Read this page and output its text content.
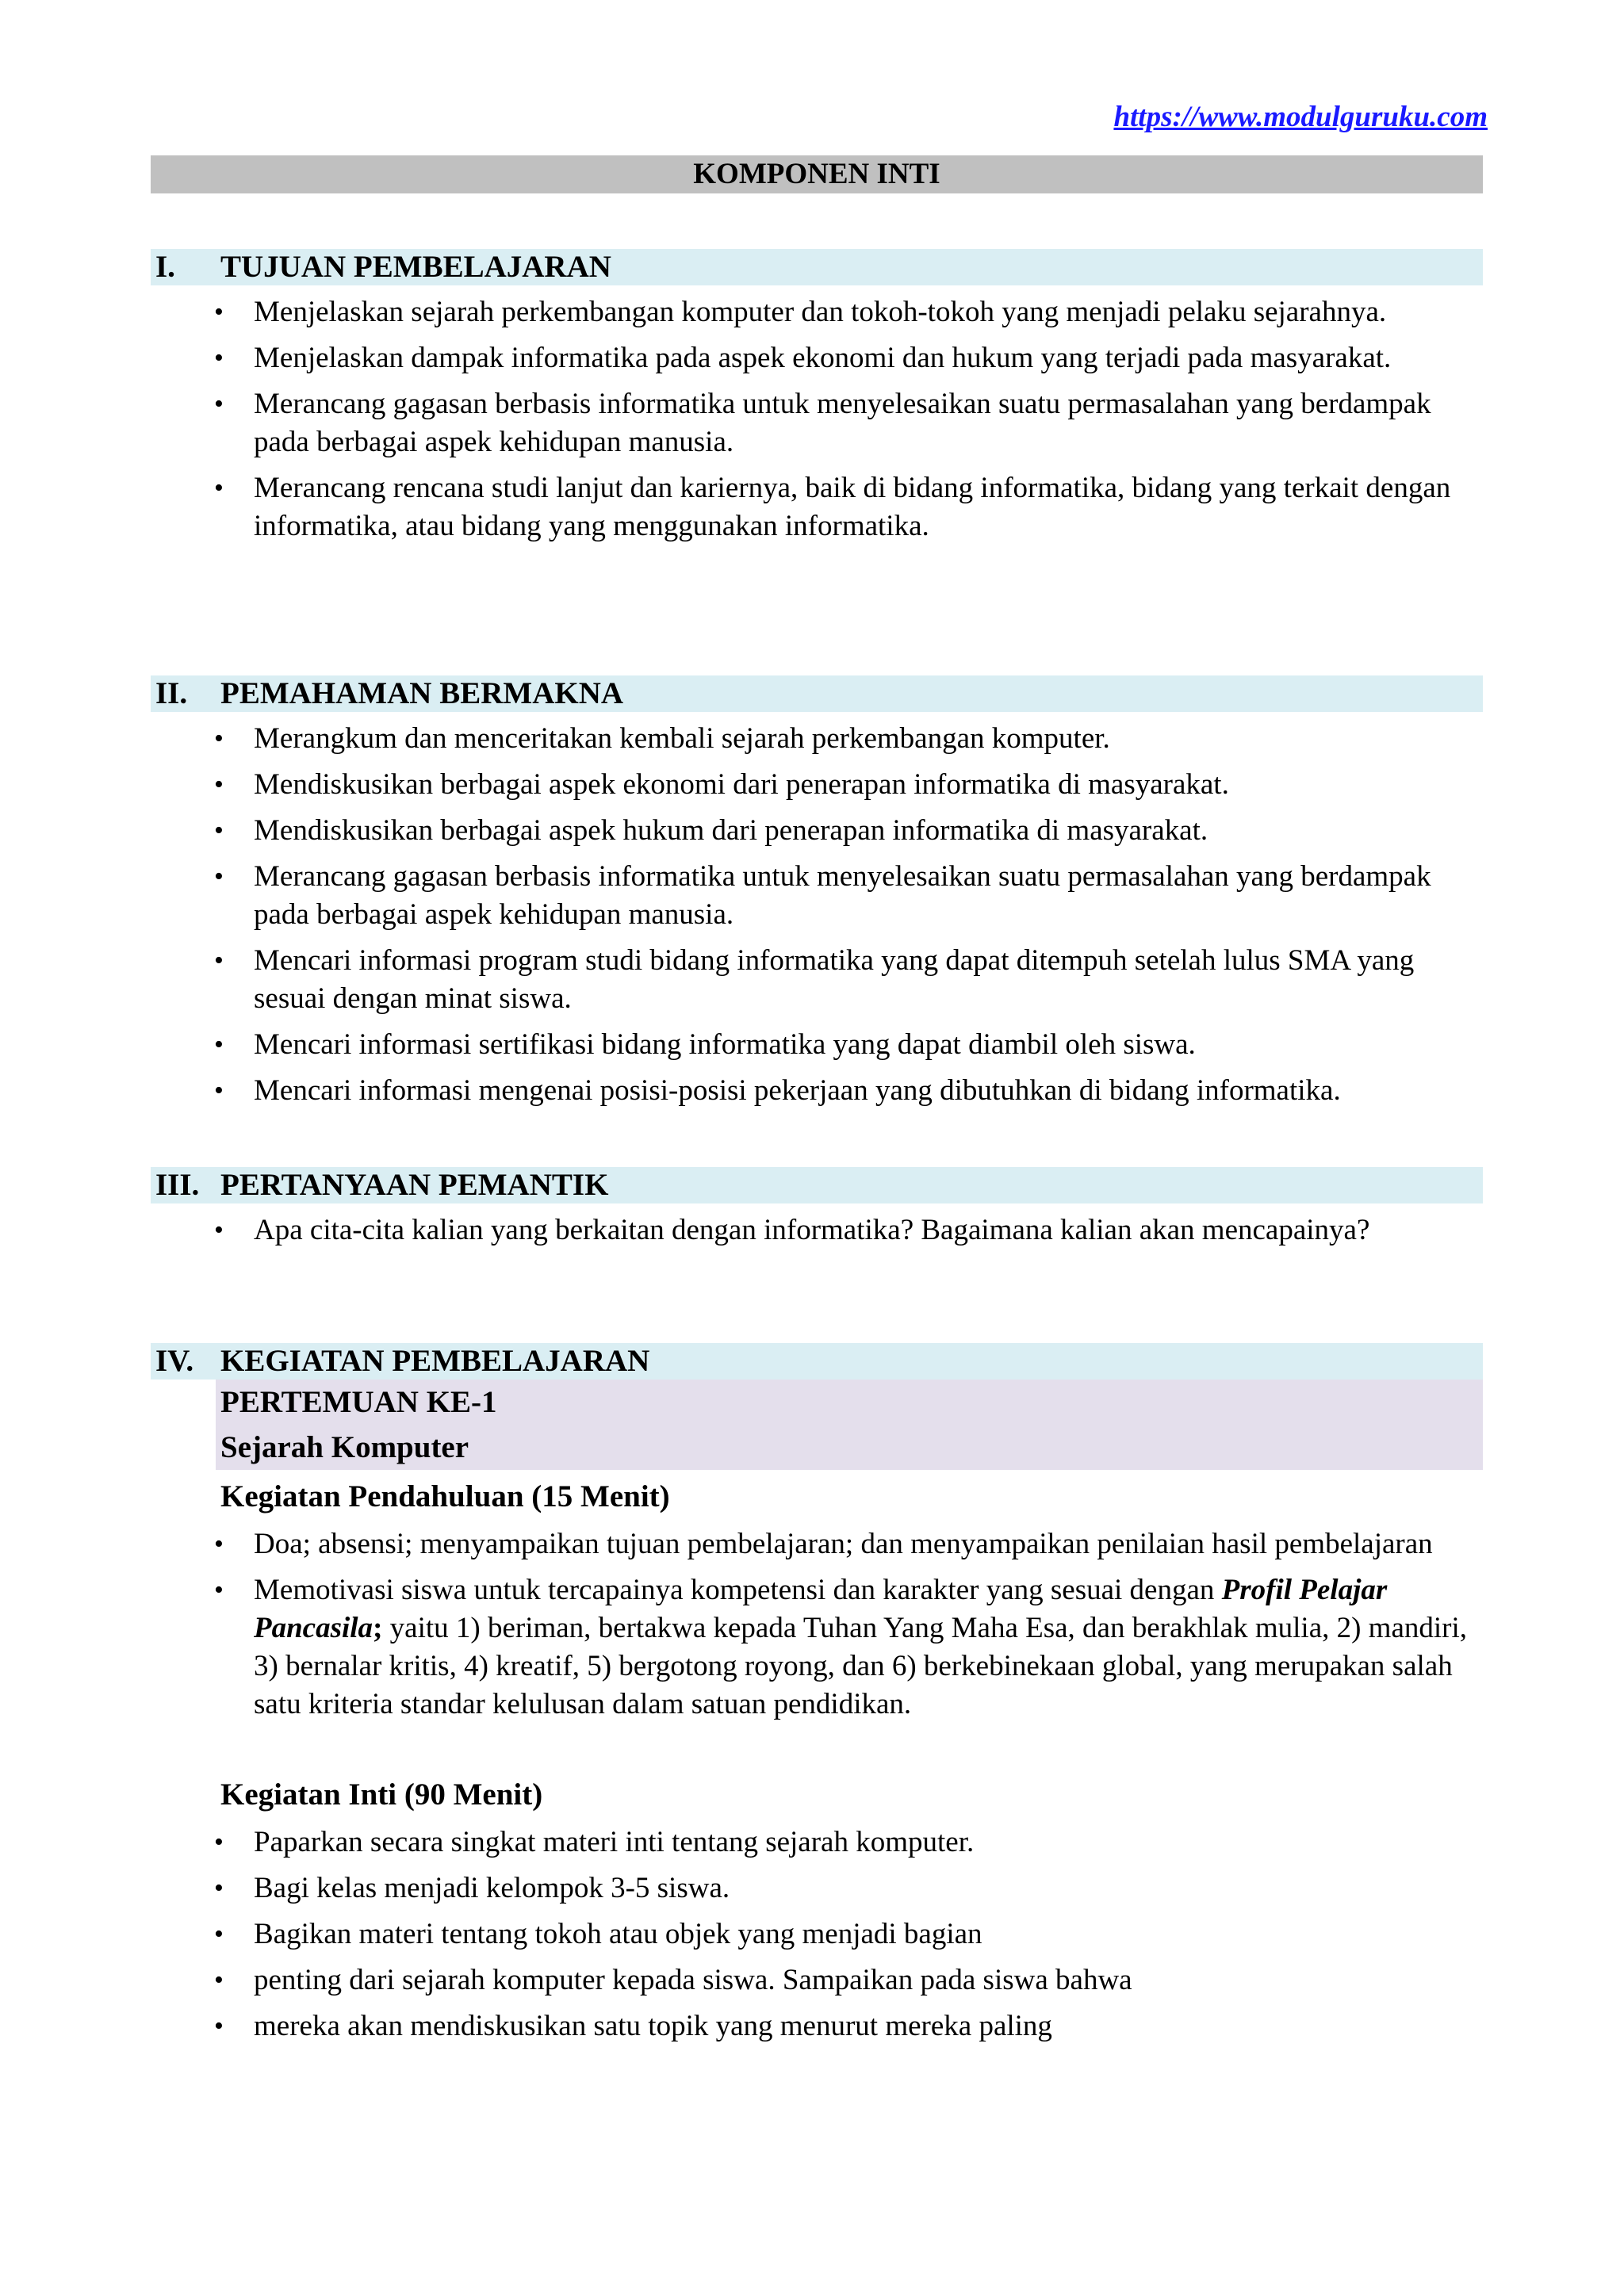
https://www.modulguruku.com
KOMPONEN INTI
I.	TUJUAN PEMBELAJARAN
• Menjelaskan sejarah perkembangan komputer dan tokoh-tokoh yang menjadi pelaku sejarahnya.
• Menjelaskan dampak informatika pada aspek ekonomi dan hukum yang terjadi pada masyarakat.
• Merancang gagasan berbasis informatika untuk menyelesaikan suatu permasalahan yang berdampak pada berbagai aspek kehidupan manusia.
• Merancang rencana studi lanjut dan kariernya, baik di bidang informatika, bidang yang terkait dengan informatika, atau bidang yang menggunakan informatika.
II.	PEMAHAMAN BERMAKNA
• Merangkum dan menceritakan kembali sejarah perkembangan komputer.
• Mendiskusikan berbagai aspek ekonomi dari penerapan informatika di masyarakat.
• Mendiskusikan berbagai aspek hukum dari penerapan informatika di masyarakat.
• Merancang gagasan berbasis informatika untuk menyelesaikan suatu permasalahan yang berdampak pada berbagai aspek kehidupan manusia.
• Mencari informasi program studi bidang informatika yang dapat ditempuh setelah lulus SMA yang sesuai dengan minat siswa.
• Mencari informasi sertifikasi bidang informatika yang dapat diambil oleh siswa.
• Mencari informasi mengenai posisi-posisi pekerjaan yang dibutuhkan di bidang informatika.
III. PERTANYAAN PEMANTIK
• Apa cita-cita kalian yang berkaitan dengan informatika? Bagaimana kalian akan mencapainya?
IV. KEGIATAN PEMBELAJARAN
PERTEMUAN KE-1
Sejarah Komputer
Kegiatan Pendahuluan (15 Menit)
• Doa; absensi; menyampaikan tujuan pembelajaran; dan menyampaikan penilaian hasil pembelajaran
• Memotivasi siswa untuk tercapainya kompetensi dan karakter yang sesuai dengan Profil Pelajar Pancasila; yaitu 1) beriman, bertakwa kepada Tuhan Yang Maha Esa, dan berakhlak mulia, 2) mandiri, 3) bernalar kritis, 4) kreatif, 5) bergotong royong, dan 6) berkebinekaan global, yang merupakan salah satu kriteria standar kelulusan dalam satuan pendidikan.
Kegiatan Inti (90 Menit)
• Paparkan secara singkat materi inti tentang sejarah komputer.
• Bagi kelas menjadi kelompok 3-5 siswa.
• Bagikan materi tentang tokoh atau objek yang menjadi bagian
• penting dari sejarah komputer kepada siswa. Sampaikan pada siswa bahwa
• mereka akan mendiskusikan satu topik yang menurut mereka paling
